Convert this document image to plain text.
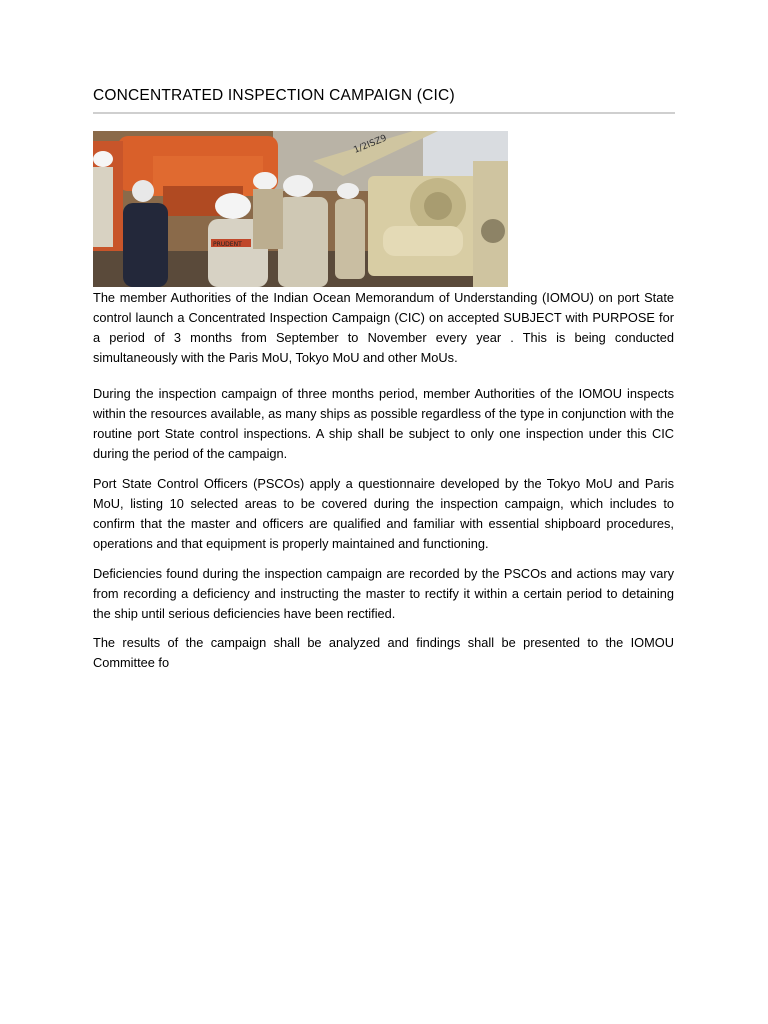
CONCENTRATED INSPECTION CAMPAIGN (CIC)
1/2ISZ9
PRUDENT

The member Authorities of the Indian Ocean Memorandum of Understanding (IOMOU) on port State control launch a Concentrated Inspection Campaign (CIC) on accepted SUBJECT with PURPOSE for a period of 3 months from September to November every year . This is being conducted simultaneously with the Paris MoU, Tokyo MoU and other MoUs.

During the inspection campaign of three months period, member Authorities of the IOMOU inspects within the resources available, as many ships as possible regardless of the type in conjunction with the routine port State control inspections. A ship shall be subject to only one inspection under this CIC during the period of the campaign.

Port State Control Officers (PSCOs) apply a questionnaire developed by the Tokyo MoU and Paris MoU, listing 10 selected areas to be covered during the inspection campaign, which includes to confirm that the master and officers are qualified and familiar with essential shipboard procedures, operations and that equipment is properly maintained and functioning.

Deficiencies found during the inspection campaign are recorded by the PSCOs and actions may vary from recording a deficiency and instructing the master to rectify it within a certain period to detaining the ship until serious deficiencies have been rectified.

The results of the campaign shall be analyzed and findings shall be presented to the IOMOU Committee fo
